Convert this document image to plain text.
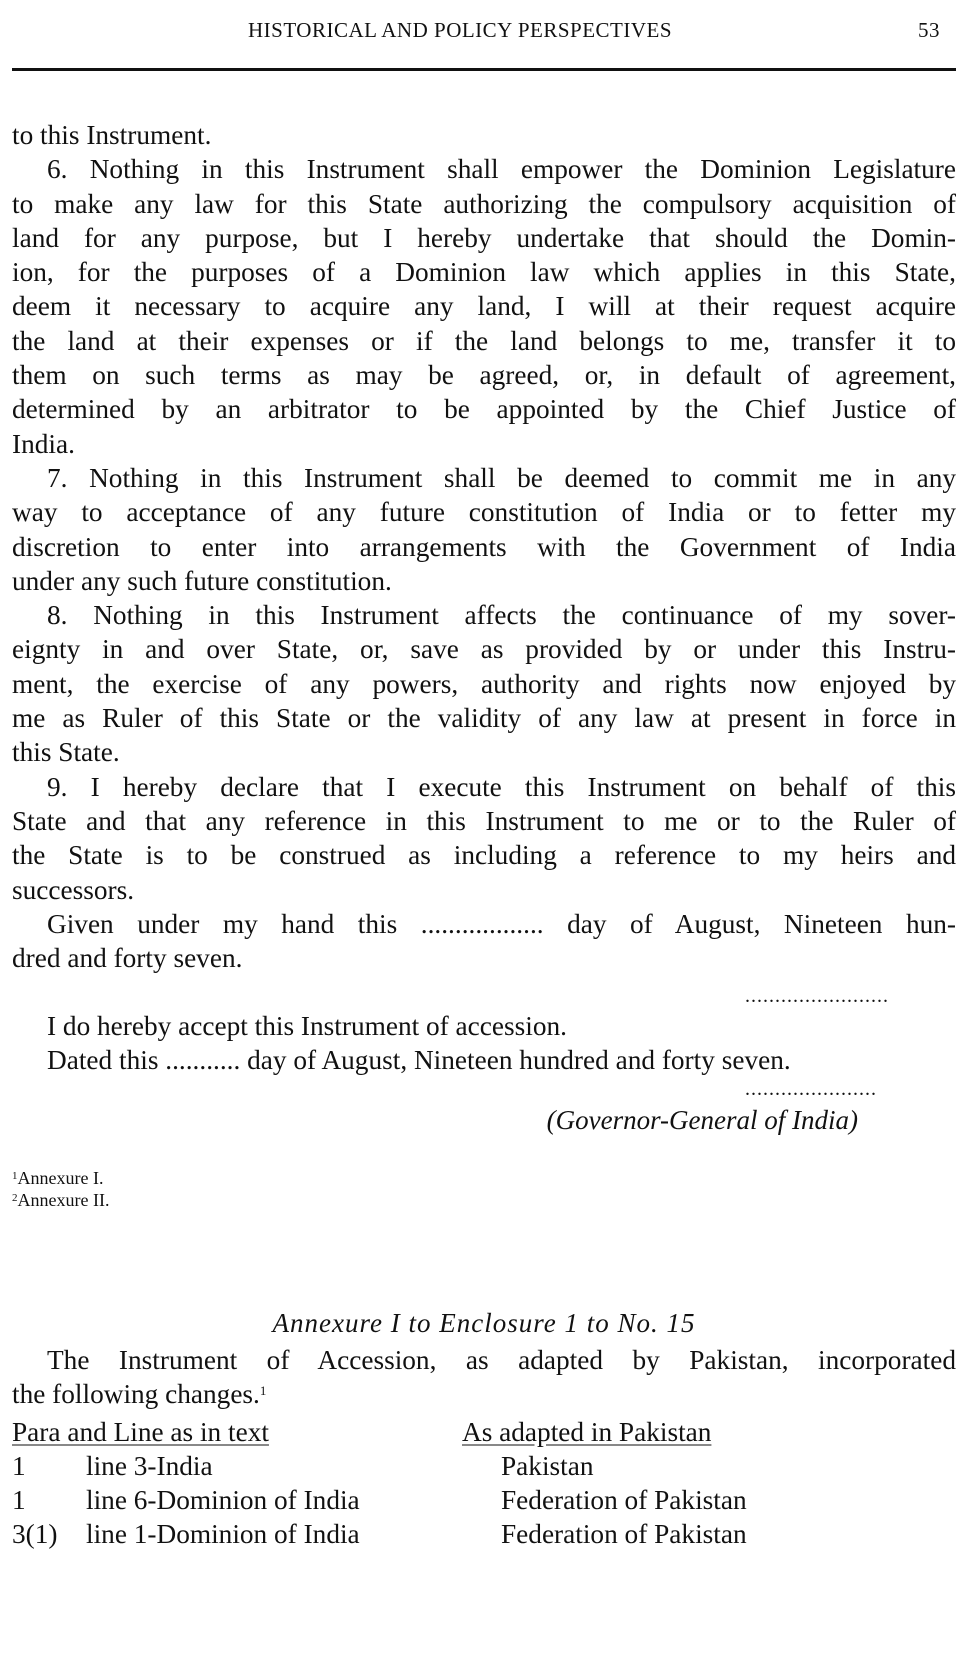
HISTORICAL AND POLICY PERSPECTIVES	53

to this Instrument.

6. Nothing in this Instrument shall empower the Dominion Legislature
to make any law for this State authorizing the compulsory acquisition of
land for any purpose, but I hereby undertake that should the Domin-
ion, for the purposes of a Dominion law which applies in this State,
deem it necessary to acquire any land, I will at their request acquire
the land at their expenses or if the land belongs to me, transfer it to
them on such terms as may be agreed, or, in default of agreement,
determined by an arbitrator to be appointed by the Chief Justice of
India.

7. Nothing in this Instrument shall be deemed to commit me in any
way to acceptance of any future constitution of India or to fetter my
discretion to enter into arrangements with the Government of India
under any such future constitution.

8. Nothing in this Instrument affects the continuance of my sover-
eignty in and over State, or, save as provided by or under this Instru-
ment, the exercise of any powers, authority and rights now enjoyed by
me as Ruler of this State or the validity of any law at present in force in
this State.

9. I hereby declare that I execute this Instrument on behalf of this
State and that any reference in this Instrument to me or to the Ruler of
the State is to be construed as including a reference to my heirs and
successors.

Given under my hand this .................. day of August, Nineteen hun-
dred and forty seven.

........................
I do hereby accept this Instrument of accession.
Dated this ........... day of August, Nineteen hundred and forty seven.
......................
(Governor-General of India)
$^1$Annexure I.
$^2$Annexure II.
Annexure I to Enclosure 1 to No. 15
The Instrument of Accession, as adapted by Pakistan, incorporated
the following changes.$^1$
Para and Line as in text	As adapted in Pakistan
1 line 3-India	Pakistan
1 line 6-Dominion of India	Federation of Pakistan
3(1) line 1-Dominion of India	Federation of Pakistan
